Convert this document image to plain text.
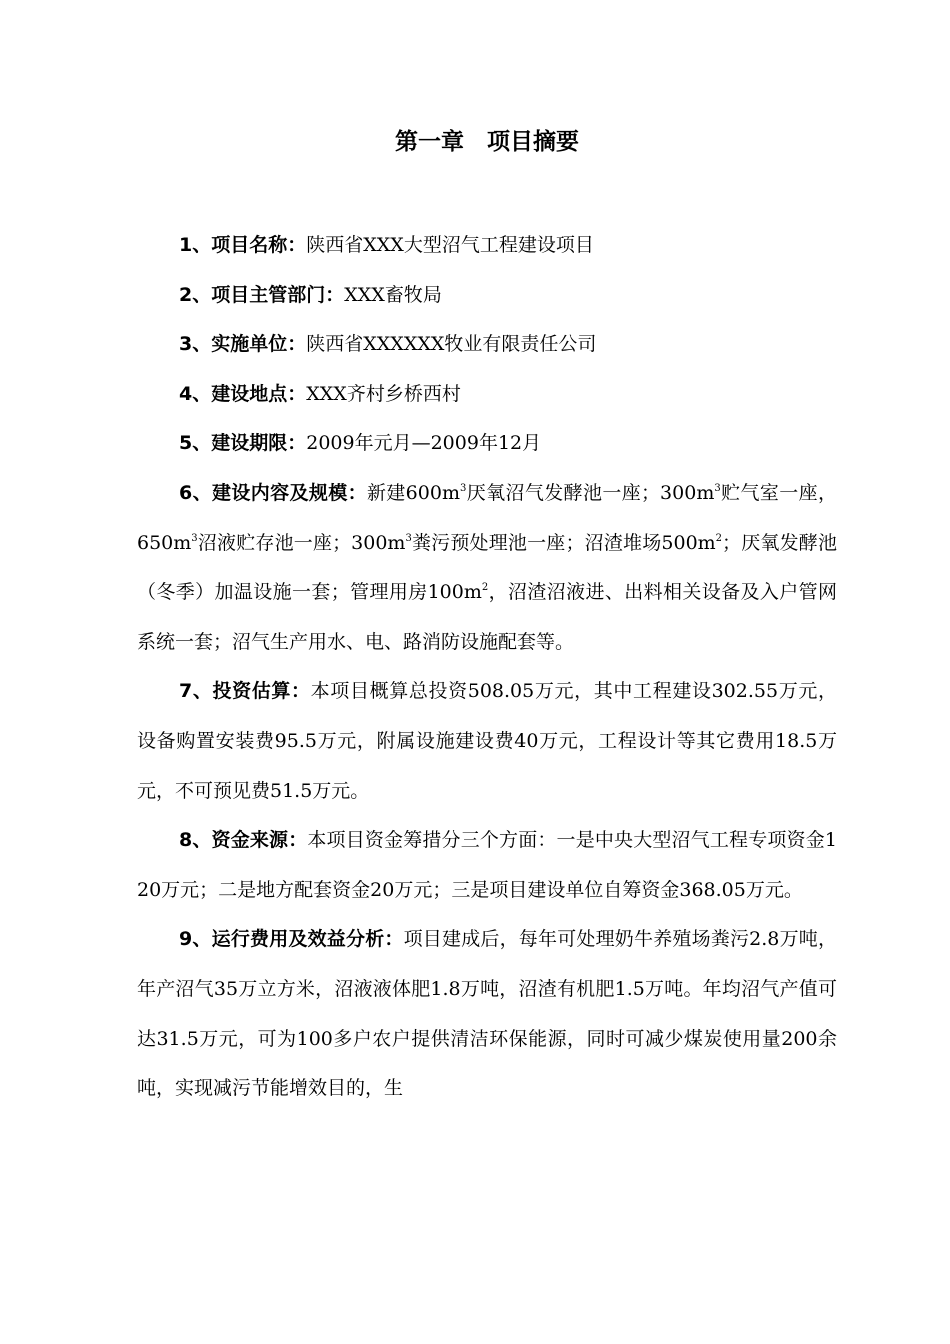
第一章　项目摘要

1、项目名称：陕西省XXX大型沼气工程建设项目

2、项目主管部门：XXX畜牧局

3、实施单位：陕西省XXXXXX牧业有限责任公司

4、建设地点：XXX齐村乡桥西村

5、建设期限：2009年元月—2009年12月

6、建设内容及规模：新建$600m^3$厌氧沼气发酵池一座；$300m^3$贮气室一座，$650m^3$沼液贮存池一座；$300m^3$粪污预处理池一座；沼渣堆场$500m^2$；厌氧发酵池（冬季）加温设施一套；管理用房$100m^2$，沼渣沼液进、出料相关设备及入户管网系统一套；沼气生产用水、电、路消防设施配套等。

7、投资估算：本项目概算总投资508.05万元，其中工程建设302.55万元，设备购置安装费95.5万元，附属设施建设费40万元，工程设计等其它费用18.5万元，不可预见费51.5万元。

8、资金来源：本项目资金筹措分三个方面：一是中央大型沼气工程专项资金120万元；二是地方配套资金20万元；三是项目建设单位自筹资金368.05万元。

9、运行费用及效益分析：项目建成后，每年可处理奶牛养殖场粪污2.8万吨，年产沼气35万立方米，沼液液体肥1.8万吨，沼渣有机肥1.5万吨。年均沼气产值可达31.5万元，可为100多户农户提供清洁环保能源，同时可减少煤炭使用量200余吨，实现减污节能增效目的，生
